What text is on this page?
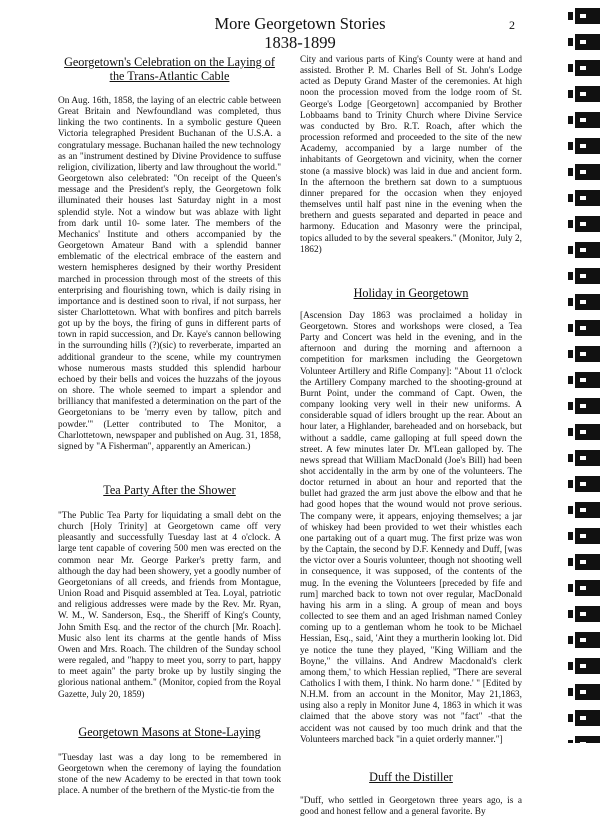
More Georgetown Stories
1838-1899
2
Georgetown's Celebration on the Laying of
the Trans-Atlantic Cable

On Aug. 16th, 1858, the laying of an electric cable between Great Britain and Newfoundland was completed, thus linking the two continents. In a symbolic gesture Queen Victoria telegraphed President Buchanan of the U.S.A. a congratulary message. Buchanan hailed the new technology as an "instrument destined by Divine Providence to suffuse religion, civilization, liberty and law throughout the world." Georgetown also celebrated: "On receipt of the Queen's message and the President's reply, the Georgetown folk illuminated their houses last Saturday night in a most splendid style. Not a window but was ablaze with light from dark until 10- some later. The members of the Mechanics' Institute and others accompanied by the Georgetown Amateur Band with a splendid banner emblematic of the electrical embrace of the eastern and western hemispheres designed by their worthy President marched in procession through most of the streets of this enterprising and flourishing town, which is daily rising in importance and is destined soon to rival, if not surpass, her sister Charlottetown. What with bonfires and pitch barrels got up by the boys, the firing of guns in different parts of town in rapid succession, and Dr. Kaye's cannon bellowing in the surrounding hills (?)(sic) to reverberate, imparted an additional grandeur to the scene, while my countrymen whose numerous masts studded this splendid harbour echoed by their bells and voices the huzzahs of the joyous on shore. The whole seemed to impart a splendor and brilliancy that manifested a determination on the part of the Georgetonians to be 'merry even by tallow, pitch and powder.'" (Letter contributed to The Monitor, a Charlottetown, newspaper and published on Aug. 31, 1858, signed by "A Fisherman", apparently an American.)

Tea Party After the Shower

"The Public Tea Party for liquidating a small debt on the church [Holy Trinity] at Georgetown came off very pleasantly and successfully Tuesday last at 4 o'clock. A large tent capable of covering 500 men was erected on the common near Mr. George Parker's pretty farm, and although the day had been showery, yet a goodly number of Georgetonians of all creeds, and friends from Montague, Union Road and Pisquid assembled at Tea. Loyal, patriotic and religious addresses were made by the Rev. Mr. Ryan, W. M., W. Sanderson, Esq., the Sheriff of King's County, John Smith Esq. and the rector of the church [Mr. Roach]. Music also lent its charms at the gentle hands of Miss Owen and Mrs. Roach. The children of the Sunday school were regaled, and "happy to meet you, sorry to part, happy to meet again" the party broke up by lustily singing the glorious national anthem." (Monitor, copied from the Royal Gazette, July 20, 1859)

Georgetown Masons at Stone-Laying

"Tuesday last was a day long to be remembered in Georgetown when the ceremony of laying the foundation stone of the new Academy to be erected in that town took place. A number of the brethern of the Mystic-tie from the

City and various parts of King's County were at hand and assisted. Brother P. M. Charles Bell of St. John's Lodge acted as Deputy Grand Master of the ceremonies. At high noon the procession moved from the lodge room of St. George's Lodge [Georgetown] accompanied by Brother Lobbaams band to Trinity Church where Divine Service was conducted by Bro. R.T. Roach, after which the procession reformed and proceeded to the site of the new Academy, accompanied by a large number of the inhabitants of Georgetown and vicinity, when the corner stone (a massive block) was laid in due and ancient form. In the afternoon the brethern sat down to a sumptuous dinner prepared for the occasion when they enjoyed themselves until half past nine in the evening when the brethern and guests separated and departed in peace and harmony. Education and Masonry were the principal, topics alluded to by the several speakers." (Monitor, July 2, 1862)

Holiday in Georgetown

[Ascension Day 1863 was proclaimed a holiday in Georgetown. Stores and workshops were closed, a Tea Party and Concert was held in the evening, and in the afternoon and during the morning and afternoon a competition for marksmen including the Georgetown Volunteer Artillery and Rifle Company]: "About 11 o'clock the Artillery Company marched to the shooting-ground at Burnt Point, under the command of Capt. Owen, the company looking very well in their new uniforms. A considerable squad of idlers brought up the rear. About an hour later, a Highlander, bareheaded and on horseback, but without a saddle, came galloping at full speed down the street. A few minutes later Dr. M'Lean galloped by. The news spread that William MacDonald (Joe's Bill) had been shot accidentally in the arm by one of the volunteers. The doctor returned in about an hour and reported that the bullet had grazed the arm just above the elbow and that he had good hopes that the wound would not prove serious. The company were, it appears, enjoying themselves; a jar of whiskey had been provided to wet their whistles each one partaking out of a quart mug. The first prize was won by the Captain, the second by D.F. Kennedy and Duff, [was the victor over a Souris volunteer, though not shooting well in consequence, it was supposed, of the contents of the mug. In the evening the Volunteers [preceded by fife and rum] marched back to town not over regular, MacDonald having his arm in a sling. A group of mean and boys collected to see them and an aged Irishman named Conley coming up to a gentleman whom he took to be Michael Hessian, Esq., said, 'Aint they a murtherin looking lot. Did ye notice the tune they played, "King William and the Boyne," the villains. And Andrew Macdonald's clerk among them,' to which Hessian replied, "There are several Catholics I with them, I think. No harm done.' " [Edited by N.H.M. from an account in the Monitor, May 21,1863, using also a reply in Monitor June 4, 1863 in which it was claimed that the above story was not "fact" -that the accident was not caused by too much drink and that the Volunteers marched back "in a quiet orderly manner."]

Duff the Distiller

"Duff, who settled in Georgetown three years ago, is a good and honest fellow and a general favorite. By
